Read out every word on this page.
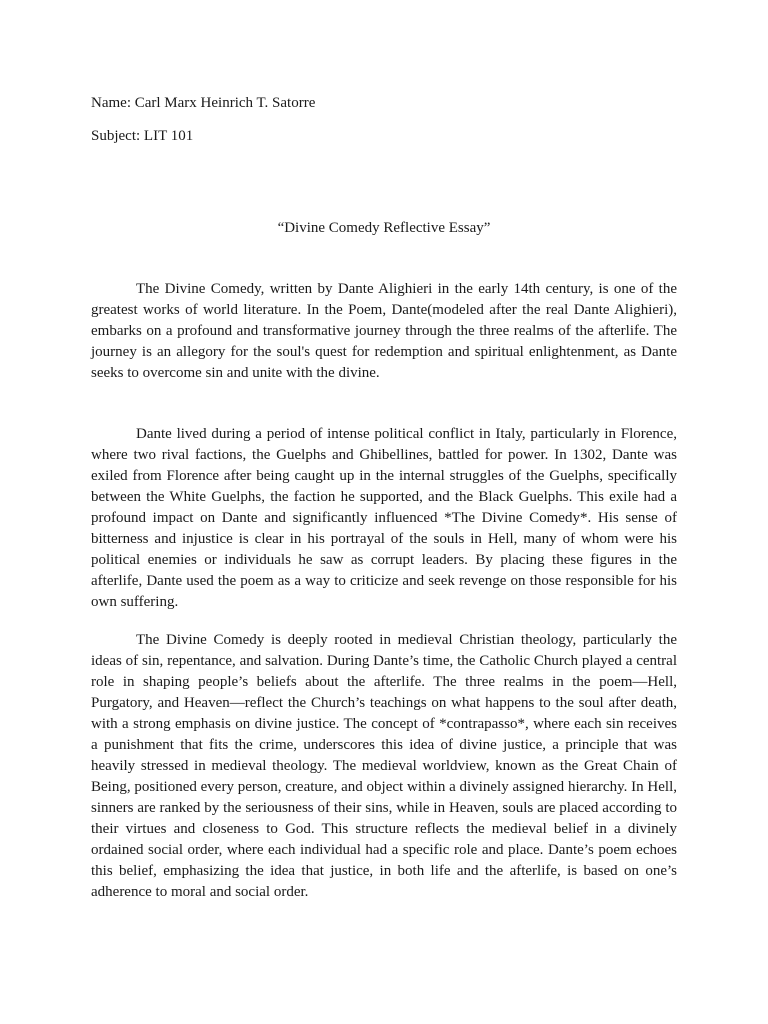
Name: Carl Marx Heinrich T. Satorre
Subject: LIT 101
“Divine Comedy Reflective Essay”

The Divine Comedy, written by Dante Alighieri in the early 14th century, is one of the greatest works of world literature. In the Poem, Dante(modeled after the real Dante Alighieri), embarks on a profound and transformative journey through the three realms of the afterlife. The journey is an allegory for the soul's quest for redemption and spiritual enlightenment, as Dante seeks to overcome sin and unite with the divine.

Dante lived during a period of intense political conflict in Italy, particularly in Florence, where two rival factions, the Guelphs and Ghibellines, battled for power. In 1302, Dante was exiled from Florence after being caught up in the internal struggles of the Guelphs, specifically between the White Guelphs, the faction he supported, and the Black Guelphs. This exile had a profound impact on Dante and significantly influenced *The Divine Comedy*. His sense of bitterness and injustice is clear in his portrayal of the souls in Hell, many of whom were his political enemies or individuals he saw as corrupt leaders. By placing these figures in the afterlife, Dante used the poem as a way to criticize and seek revenge on those responsible for his own suffering.

The Divine Comedy is deeply rooted in medieval Christian theology, particularly the ideas of sin, repentance, and salvation. During Dante’s time, the Catholic Church played a central role in shaping people’s beliefs about the afterlife. The three realms in the poem—Hell, Purgatory, and Heaven—reflect the Church’s teachings on what happens to the soul after death, with a strong emphasis on divine justice. The concept of *contrapasso*, where each sin receives a punishment that fits the crime, underscores this idea of divine justice, a principle that was heavily stressed in medieval theology. The medieval worldview, known as the Great Chain of Being, positioned every person, creature, and object within a divinely assigned hierarchy. In Hell, sinners are ranked by the seriousness of their sins, while in Heaven, souls are placed according to their virtues and closeness to God. This structure reflects the medieval belief in a divinely ordained social order, where each individual had a specific role and place. Dante’s poem echoes this belief, emphasizing the idea that justice, in both life and the afterlife, is based on one’s adherence to moral and social order.
